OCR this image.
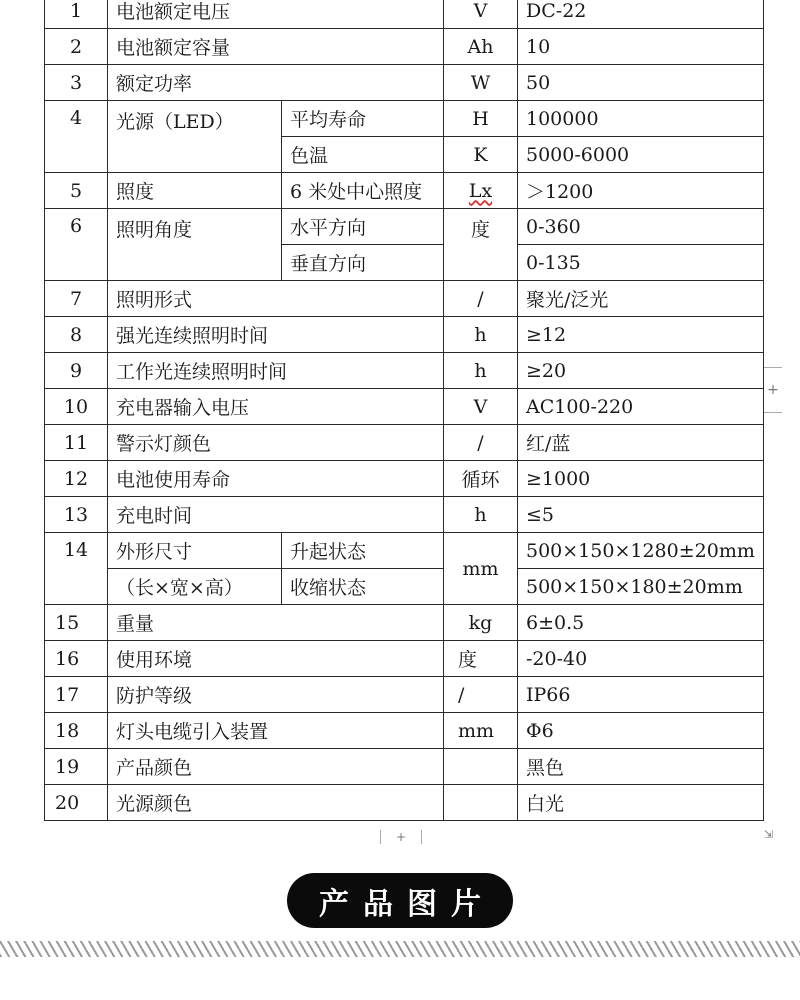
1	电池额定电压		V	DC-22
2	电池额定容量		Ah	10
3	额定功率		W	50
4	光源（LED）	平均寿命	H	100000
		色温	K	5000-6000
5	照度	6 米处中心照度	Lx	＞1200
6	照明角度	水平方向	度	0-360
		垂直方向		0-135
7	照明形式		/	聚光/泛光
8	强光连续照明时间		h	≥12
9	工作光连续照明时间		h	≥20
10	充电器输入电压		V	AC100-220
11	警示灯颜色		/	红/蓝
12	电池使用寿命		循环	≥1000
13	充电时间		h	≤5
14	外形尺寸	升起状态	mm	500×150×1280±20mm
	（长×宽×高）	收缩状态		500×150×180±20mm
15	重量		kg	6±0.5
16	使用环境		度	-20-40
17	防护等级		/	IP66
18	灯头电缆引入装置		mm	Φ6
19	产品颜色			黑色
20	光源颜色			白光
+
+	⇲
产品图片
